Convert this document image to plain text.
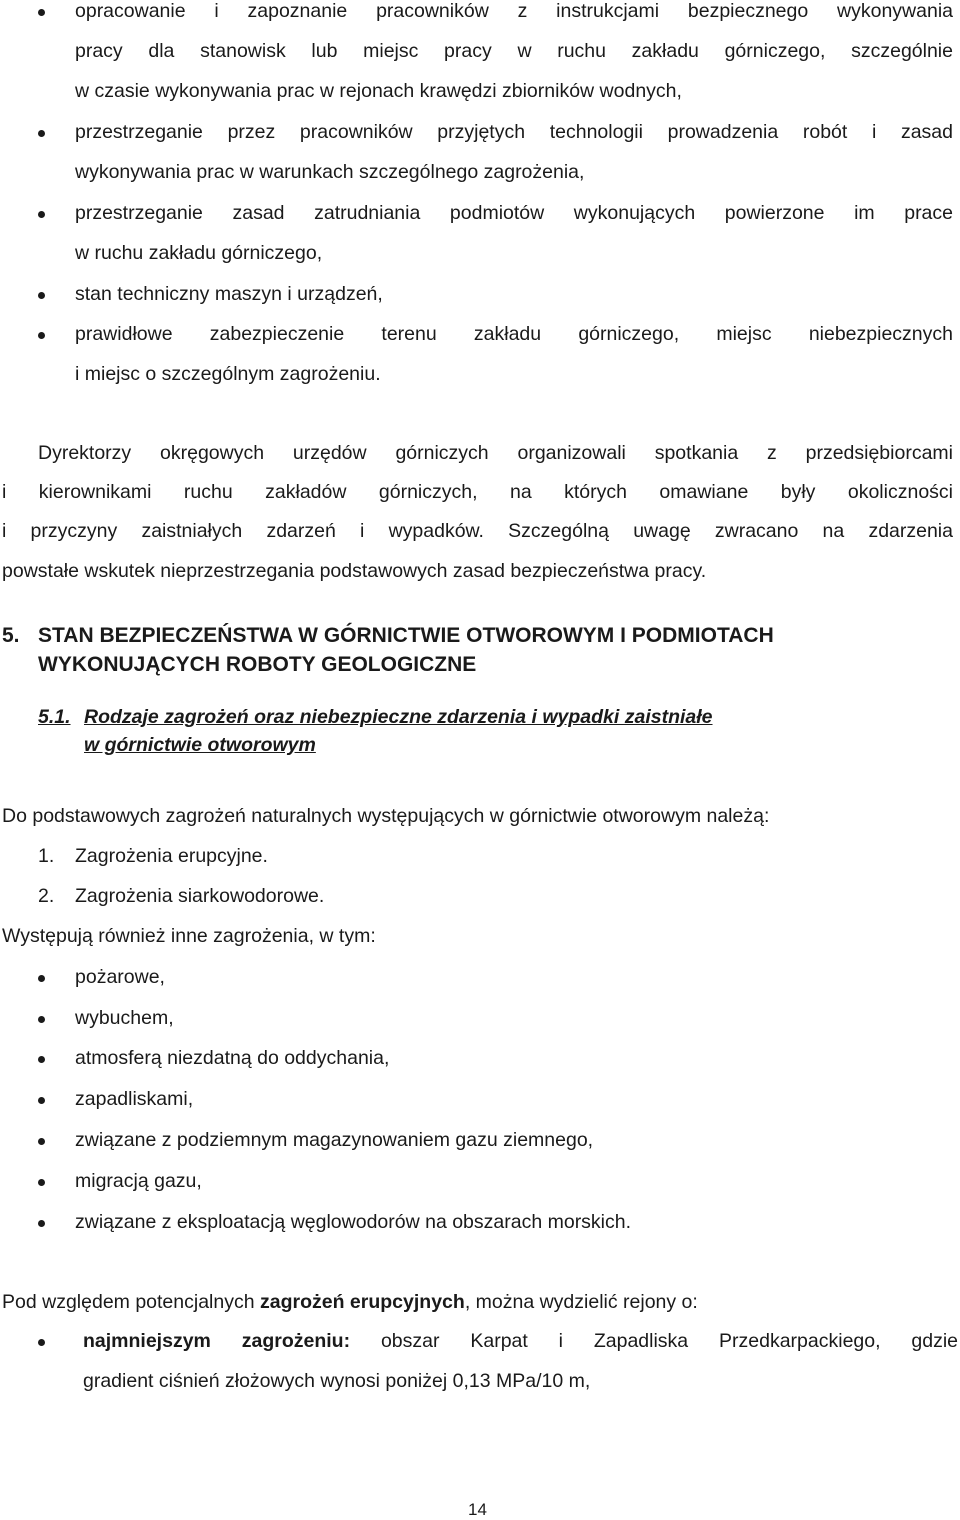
opracowanie i zapoznanie pracowników z instrukcjami bezpiecznego wykonywania
pracy dla stanowisk lub miejsc pracy w ruchu zakładu górniczego, szczególnie
w czasie wykonywania prac w rejonach krawędzi zbiorników wodnych,
przestrzeganie przez pracowników przyjętych technologii prowadzenia robót i zasad
wykonywania prac w warunkach szczególnego zagrożenia,
przestrzeganie zasad zatrudniania podmiotów wykonujących powierzone im prace
w ruchu zakładu górniczego,
stan techniczny maszyn i urządzeń,
prawidłowe zabezpieczenie terenu zakładu górniczego, miejsc niebezpiecznych
i miejsc o szczególnym zagrożeniu.
Dyrektorzy okręgowych urzędów górniczych organizowali spotkania z przedsiębiorcami
i kierownikami ruchu zakładów górniczych, na których omawiane były okoliczności
i przyczyny zaistniałych zdarzeń i wypadków. Szczególną uwagę zwracano na zdarzenia
powstałe wskutek nieprzestrzegania podstawowych zasad bezpieczeństwa pracy.
5. STAN BEZPIECZEŃSTWA W GÓRNICTWIE OTWOROWYM I PODMIOTACH
WYKONUJĄCYCH ROBOTY GEOLOGICZNE
5.1. Rodzaje zagrożeń oraz niebezpieczne zdarzenia i wypadki zaistniałe
w górnictwie otworowym
Do podstawowych zagrożeń naturalnych występujących w górnictwie otworowym należą:
1. Zagrożenia erupcyjne.
2. Zagrożenia siarkowodorowe.
Występują również inne zagrożenia, w tym:
pożarowe,
wybuchem,
atmosferą niezdatną do oddychania,
zapadliskami,
związane z podziemnym magazynowaniem gazu ziemnego,
migracją gazu,
związane z eksploatacją węglowodorów na obszarach morskich.
Pod względem potencjalnych zagrożeń erupcyjnych, można wydzielić rejony o:
najmniejszym zagrożeniu: obszar Karpat i Zapadliska Przedkarpackiego, gdzie
gradient ciśnień złożowych wynosi poniżej 0,13 MPa/10 m,
14
